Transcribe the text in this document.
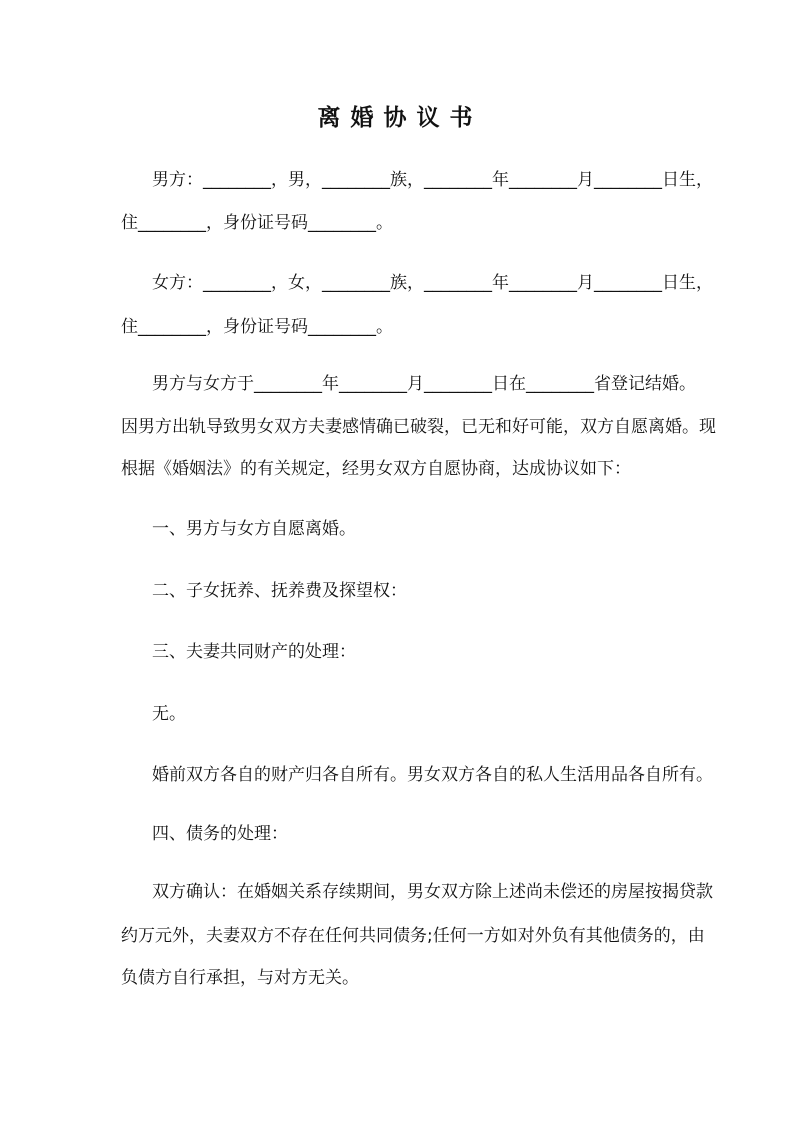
离婚协议书
男方：________，男，________族，________年________月________日生，
住________，身份证号码________。
女方：________，女，________族，________年________月________日生，
住________，身份证号码________。
男方与女方于________年________月________日在________省登记结婚。
因男方出轨导致男女双方夫妻感情确已破裂，已无和好可能，双方自愿离婚。现
根据《婚姻法》的有关规定，经男女双方自愿协商，达成协议如下：
一、男方与女方自愿离婚。
二、子女抚养、抚养费及探望权：
三、夫妻共同财产的处理：
无。
婚前双方各自的财产归各自所有。男女双方各自的私人生活用品各自所有。
四、债务的处理：
双方确认：在婚姻关系存续期间，男女双方除上述尚未偿还的房屋按揭贷款
约万元外，夫妻双方不存在任何共同债务;任何一方如对外负有其他债务的，由
负债方自行承担，与对方无关。
